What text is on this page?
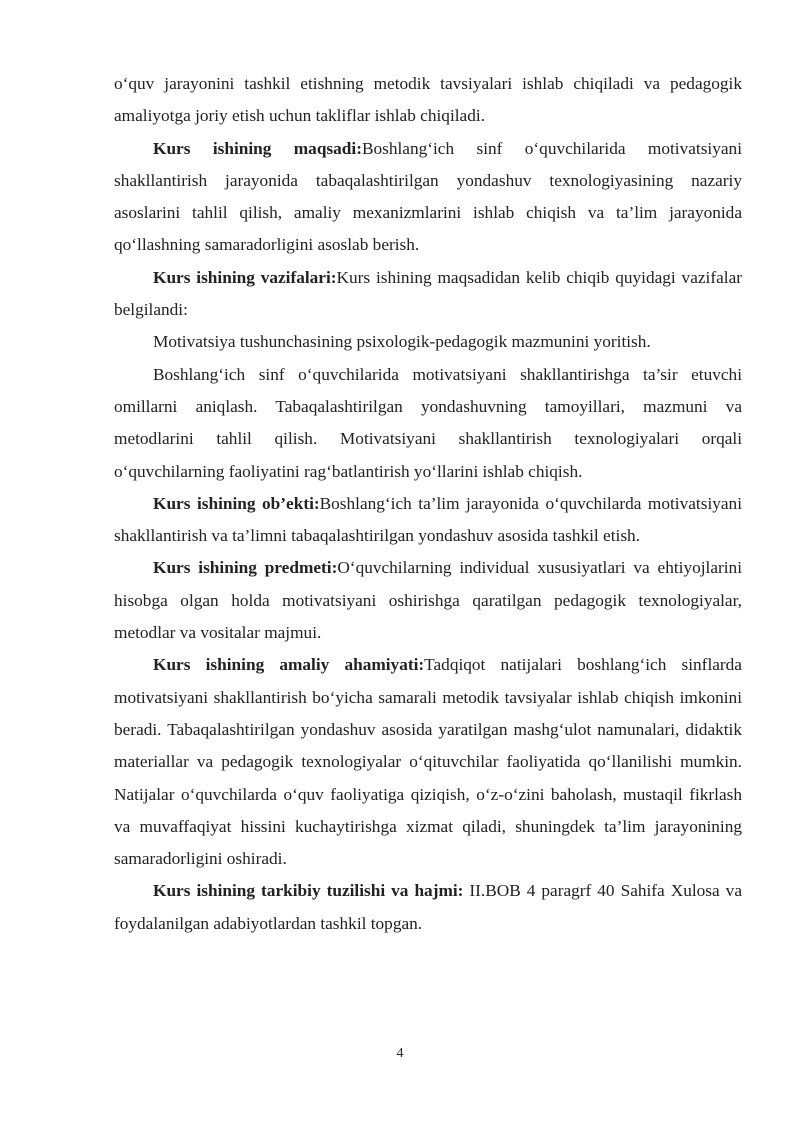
o‘quv jarayonini tashkil etishning metodik tavsiyalari ishlab chiqiladi va pedagogik amaliyotga joriy etish uchun takliflar ishlab chiqiladi.

Kurs ishining maqsadi:Boshlang‘ich sinf o‘quvchilarida motivatsiyani shakllantirish jarayonida tabaqalashtirilgan yondashuv texnologiyasining nazariy asoslarini tahlil qilish, amaliy mexanizmlarini ishlab chiqish va ta’lim jarayonida qo‘llashning samaradorligini asoslab berish.

Kurs ishining vazifalari:Kurs ishining maqsadidan kelib chiqib quyidagi vazifalar belgilandi:

Motivatsiya tushunchasining psixologik-pedagogik mazmunini yoritish.

Boshlang‘ich sinf o‘quvchilarida motivatsiyani shakllantirishga ta’sir etuvchi omillarni aniqlash. Tabaqalashtirilgan yondashuvning tamoyillari, mazmuni va metodlarini tahlil qilish. Motivatsiyani shakllantirish texnologiyalari orqali o‘quvchilarning faoliyatini rag‘batlantirish yo‘llarini ishlab chiqish.

Kurs ishining ob’ekti:Boshlang‘ich ta’lim jarayonida o‘quvchilarda motivatsiyani shakllantirish va ta’limni tabaqalashtirilgan yondashuv asosida tashkil etish.

Kurs ishining predmeti:O‘quvchilarning individual xususiyatlari va ehtiyojlarini hisobga olgan holda motivatsiyani oshirishga qaratilgan pedagogik texnologiyalar, metodlar va vositalar majmui.

Kurs ishining amaliy ahamiyati:Tadqiqot natijalari boshlang‘ich sinflarda motivatsiyani shakllantirish bo‘yicha samarali metodik tavsiyalar ishlab chiqish imkonini beradi. Tabaqalashtirilgan yondashuv asosida yaratilgan mashg‘ulot namunalari, didaktik materiallar va pedagogik texnologiyalar o‘qituvchilar faoliyatida qo‘llanilishi mumkin. Natijalar o‘quvchilarda o‘quv faoliyatiga qiziqish, o‘z-o‘zini baholash, mustaqil fikrlash va muvaffaqiyat hissini kuchaytirishga xizmat qiladi, shuningdek ta’lim jarayonining samaradorligini oshiradi.

Kurs ishining tarkibiy tuzilishi va hajmi: II.BOB 4 paragrf 40 Sahifa Xulosa va foydalanilgan adabiyotlardan tashkil topgan.

4
